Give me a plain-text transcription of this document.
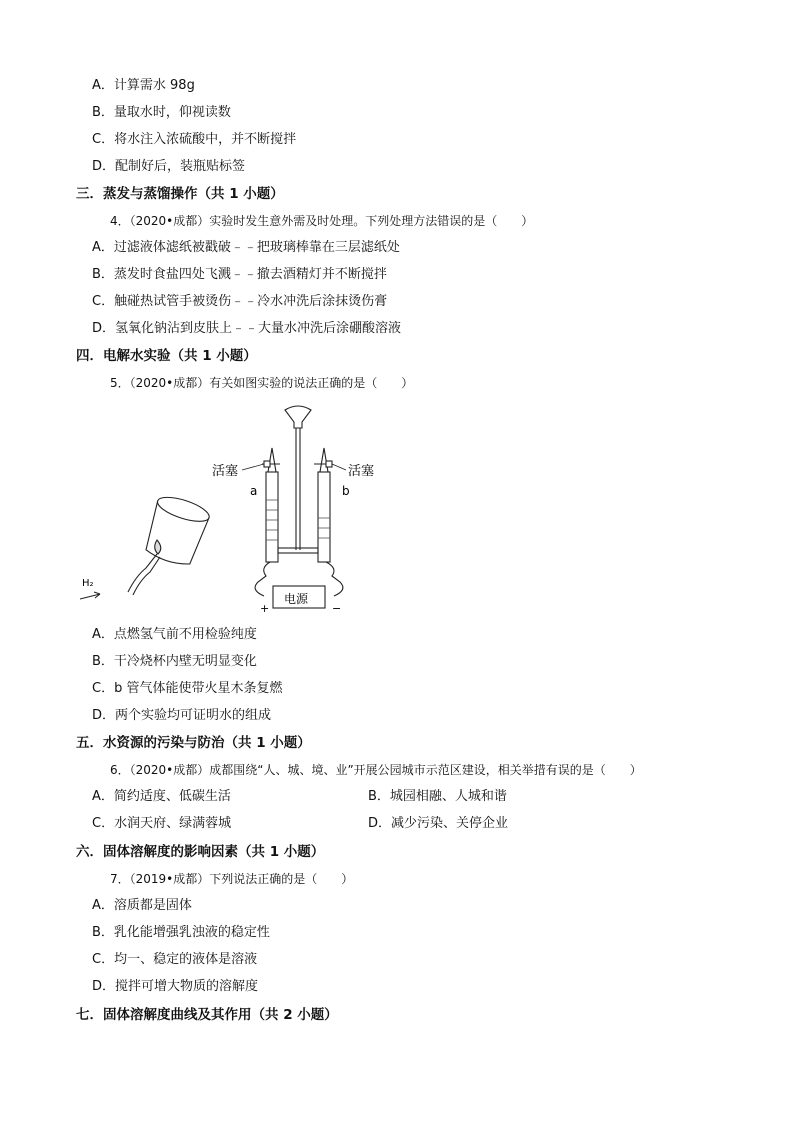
A．计算需水 98g
B．量取水时，仰视读数
C．将水注入浓硫酸中，并不断搅拌
D．配制好后，装瓶贴标签
三．蒸发与蒸馏操作（共 1 小题）
4．（2020•成都）实验时发生意外需及时处理。下列处理方法错误的是（　　）
A．过滤液体滤纸被戳破﹣﹣把玻璃棒靠在三层滤纸处
B．蒸发时食盐四处飞溅﹣﹣撤去酒精灯并不断搅拌
C．触碰热试管手被烫伤﹣﹣冷水冲洗后涂抹烫伤膏
D．氢氧化钠沾到皮肤上﹣﹣大量水冲洗后涂硼酸溶液
四．电解水实验（共 1 小题）
5．（2020•成都）有关如图实验的说法正确的是（　　）
H₂
活塞	活塞
a	b
电源
+	−
A．点燃氢气前不用检验纯度
B．干冷烧杯内壁无明显变化
C．b 管气体能使带火星木条复燃
D．两个实验均可证明水的组成
五．水资源的污染与防治（共 1 小题）
6．（2020•成都）成都围绕“人、城、境、业”开展公园城市示范区建设，相关举措有误的是（　　）
A．简约适度、低碳生活	B．城园相融、人城和谐
C．水润天府、绿满蓉城	D．减少污染、关停企业
六．固体溶解度的影响因素（共 1 小题）
7．（2019•成都）下列说法正确的是（　　）
A．溶质都是固体
B．乳化能增强乳浊液的稳定性
C．均一、稳定的液体是溶液
D．搅拌可增大物质的溶解度
七．固体溶解度曲线及其作用（共 2 小题）
